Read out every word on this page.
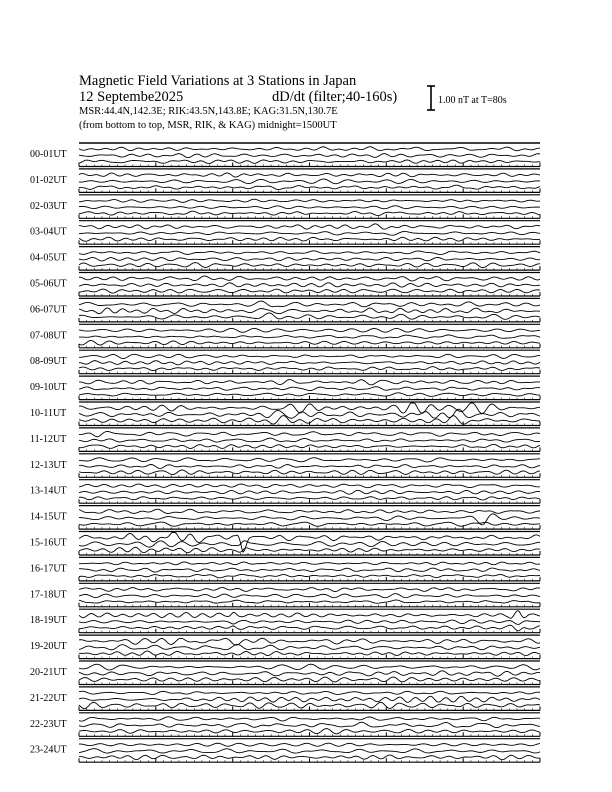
Magnetic Field Variations at 3 Stations in Japan
12 Septembe2025	dD/dt (filter;40-160s)
MSR:44.4N,142.3E; RIK:43.5N,143.8E; KAG:31.5N,130.7E
(from bottom to top, MSR, RIK, & KAG) midnight=1500UT
1.00 nT at T=80s
00-01UT
01-02UT
02-03UT
03-04UT
04-05UT
05-06UT
06-07UT
07-08UT
08-09UT
09-10UT
10-11UT
11-12UT
12-13UT
13-14UT
14-15UT
15-16UT
16-17UT
17-18UT
18-19UT
19-20UT
20-21UT
21-22UT
22-23UT
23-24UT
